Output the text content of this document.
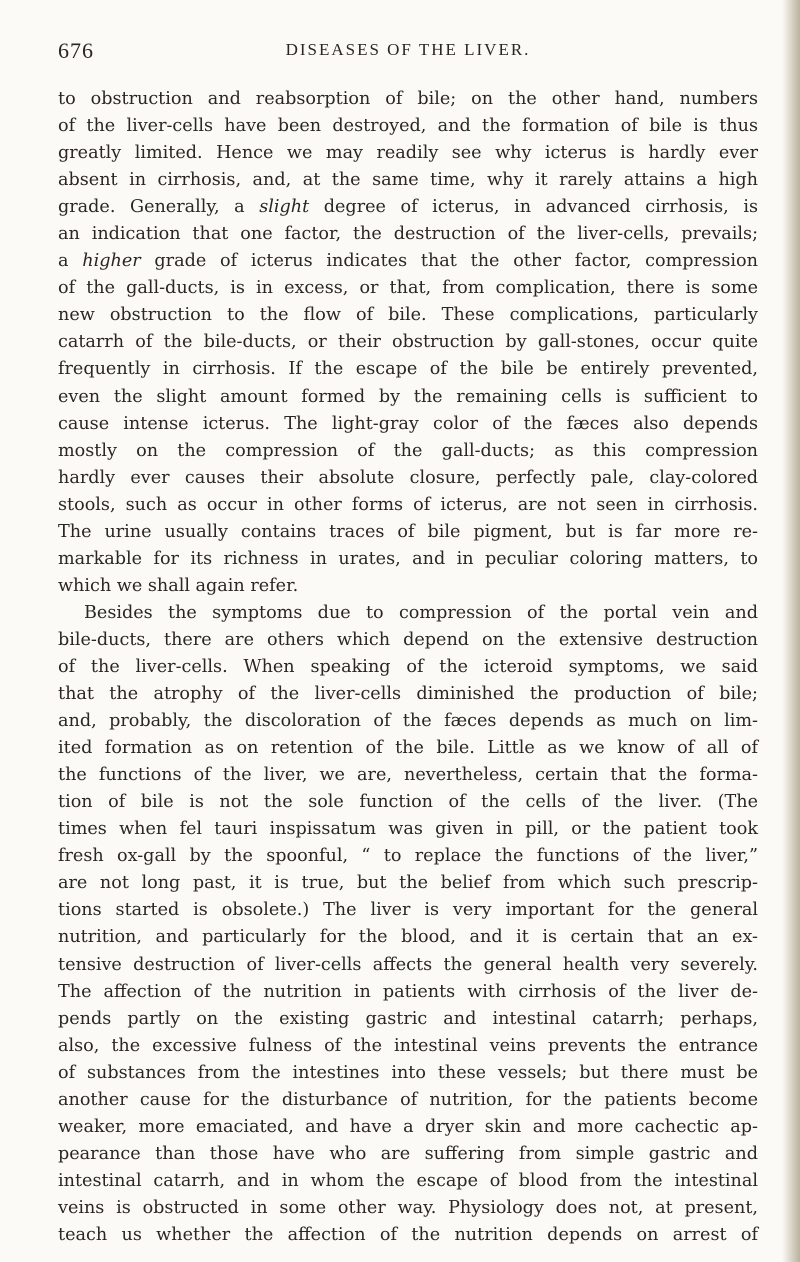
676	DISEASES OF THE LIVER.
to obstruction and reabsorption of bile; on the other hand, numbers
of the liver-cells have been destroyed, and the formation of bile is thus
greatly limited. Hence we may readily see why icterus is hardly ever
absent in cirrhosis, and, at the same time, why it rarely attains a high
grade. Generally, a slight degree of icterus, in advanced cirrhosis, is
an indication that one factor, the destruction of the liver-cells, prevails;
a higher grade of icterus indicates that the other factor, compression
of the gall-ducts, is in excess, or that, from complication, there is some
new obstruction to the flow of bile. These complications, particularly
catarrh of the bile-ducts, or their obstruction by gall-stones, occur quite
frequently in cirrhosis. If the escape of the bile be entirely prevented,
even the slight amount formed by the remaining cells is sufficient to
cause intense icterus. The light-gray color of the fæces also depends
mostly on the compression of the gall-ducts; as this compression
hardly ever causes their absolute closure, perfectly pale, clay-colored
stools, such as occur in other forms of icterus, are not seen in cirrhosis.
The urine usually contains traces of bile pigment, but is far more re-
markable for its richness in urates, and in peculiar coloring matters, to
which we shall again refer.
Besides the symptoms due to compression of the portal vein and
bile-ducts, there are others which depend on the extensive destruction
of the liver-cells. When speaking of the icteroid symptoms, we said
that the atrophy of the liver-cells diminished the production of bile;
and, probably, the discoloration of the fæces depends as much on lim-
ited formation as on retention of the bile. Little as we know of all of
the functions of the liver, we are, nevertheless, certain that the forma-
tion of bile is not the sole function of the cells of the liver. (The
times when fel tauri inspissatum was given in pill, or the patient took
fresh ox-gall by the spoonful, “ to replace the functions of the liver,”
are not long past, it is true, but the belief from which such prescrip-
tions started is obsolete.) The liver is very important for the general
nutrition, and particularly for the blood, and it is certain that an ex-
tensive destruction of liver-cells affects the general health very severely.
The affection of the nutrition in patients with cirrhosis of the liver de-
pends partly on the existing gastric and intestinal catarrh; perhaps,
also, the excessive fulness of the intestinal veins prevents the entrance
of substances from the intestines into these vessels; but there must be
another cause for the disturbance of nutrition, for the patients become
weaker, more emaciated, and have a dryer skin and more cachectic ap-
pearance than those have who are suffering from simple gastric and
intestinal catarrh, and in whom the escape of blood from the intestinal
veins is obstructed in some other way. Physiology does not, at present,
teach us whether the affection of the nutrition depends on arrest of
